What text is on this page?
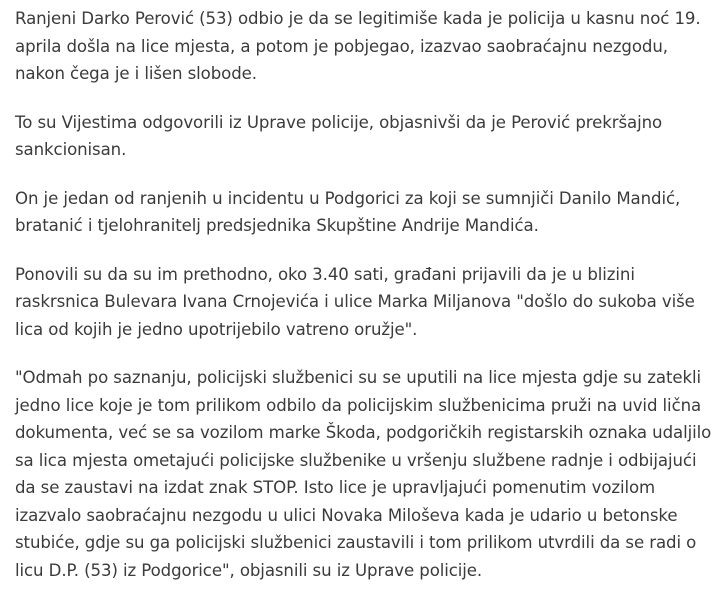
Ranjeni Darko Perović (53) odbio je da se legitimiše kada je policija u kasnu noć 19.
aprila došla na lice mjesta, a potom je pobjegao, izazvao saobraćajnu nezgodu,
nakon čega je i lišen slobode.

To su Vijestima odgovorili iz Uprave policije, objasnivši da je Perović prekršajno
sankcionisan.

On je jedan od ranjenih u incidentu u Podgorici za koji se sumnjiči Danilo Mandić,
bratanić i tjelohranitelj predsjednika Skupštine Andrije Mandića.

Ponovili su da su im prethodno, oko 3.40 sati, građani prijavili da je u blizini
raskrsnica Bulevara Ivana Crnojevića i ulice Marka Miljanova "došlo do sukoba više
lica od kojih je jedno upotrijebilo vatreno oružje".

"Odmah po saznanju, policijski službenici su se uputili na lice mjesta gdje su zatekli
jedno lice koje je tom prilikom odbilo da policijskim službenicima pruži na uvid lična
dokumenta, već se sa vozilom marke Škoda, podgoričkih registarskih oznaka udaljilo
sa lica mjesta ometajući policijske službenike u vršenju službene radnje i odbijajući
da se zaustavi na izdat znak STOP. Isto lice je upravljajući pomenutim vozilom
izazvalo saobraćajnu nezgodu u ulici Novaka Miloševa kada je udario u betonske
stubiće, gdje su ga policijski službenici zaustavili i tom prilikom utvrdili da se radi o
licu D.P. (53) iz Podgorice", objasnili su iz Uprave policije.
